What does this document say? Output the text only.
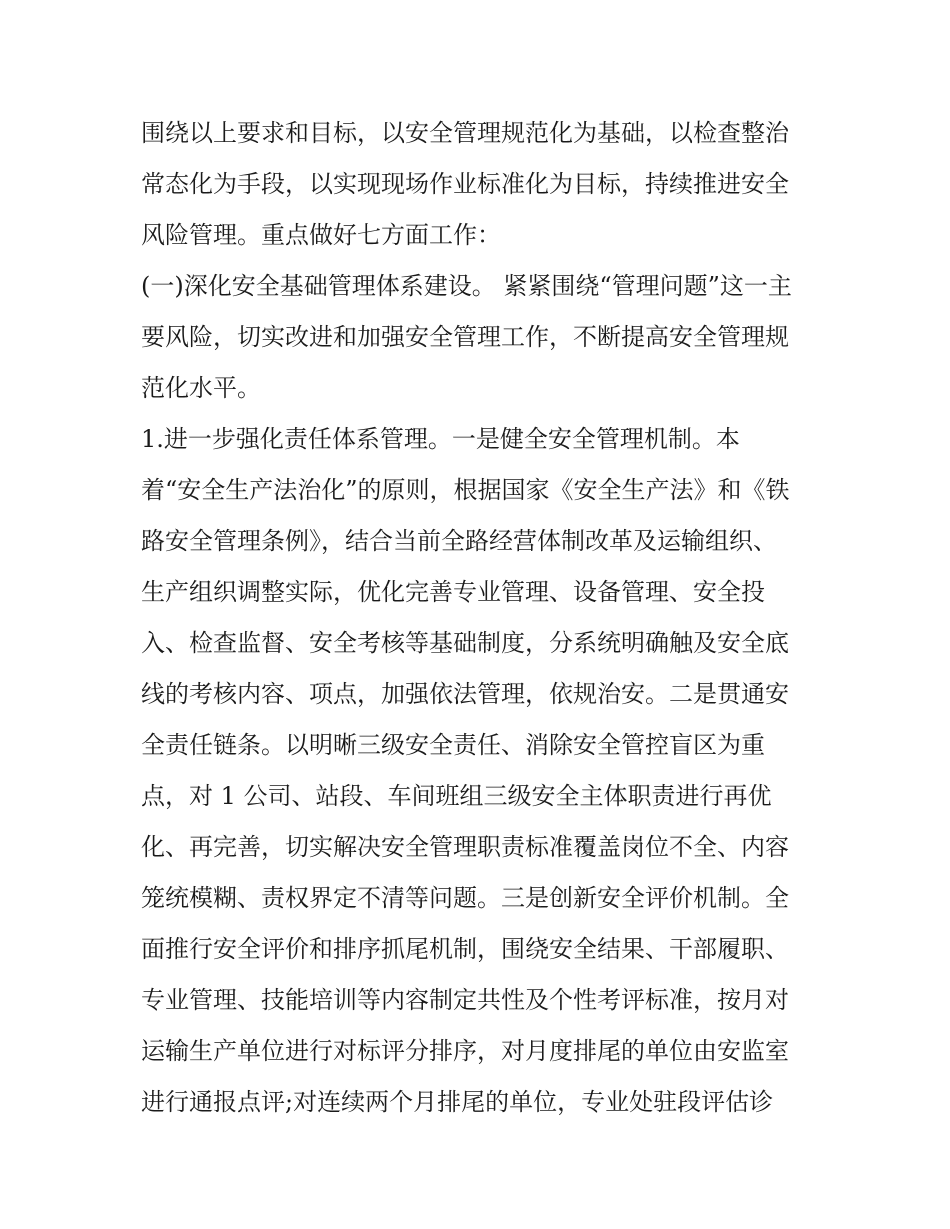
围绕以上要求和目标，以安全管理规范化为基础，以检查整治
常态化为手段，以实现现场作业标准化为目标，持续推进安全
风险管理。重点做好七方面工作：
(一)深化安全基础管理体系建设。 紧紧围绕“管理问题”这一主
要风险，切实改进和加强安全管理工作，不断提高安全管理规
范化水平。
1.进一步强化责任体系管理。一是健全安全管理机制。本
着“安全生产法治化”的原则，根据国家《安全生产法》和《铁
路安全管理条例》，结合当前全路经营体制改革及运输组织、
生产组织调整实际，优化完善专业管理、设备管理、安全投
入、检查监督、安全考核等基础制度，分系统明确触及安全底
线的考核内容、项点，加强依法管理，依规治安。二是贯通安
全责任链条。以明晰三级安全责任、消除安全管控盲区为重
点，对 1 公司、站段、车间班组三级安全主体职责进行再优
化、再完善，切实解决安全管理职责标准覆盖岗位不全、内容
笼统模糊、责权界定不清等问题。三是创新安全评价机制。全
面推行安全评价和排序抓尾机制，围绕安全结果、干部履职、
专业管理、技能培训等内容制定共性及个性考评标准，按月对
运输生产单位进行对标评分排序，对月度排尾的单位由安监室
进行通报点评;对连续两个月排尾的单位，专业处驻段评估诊
